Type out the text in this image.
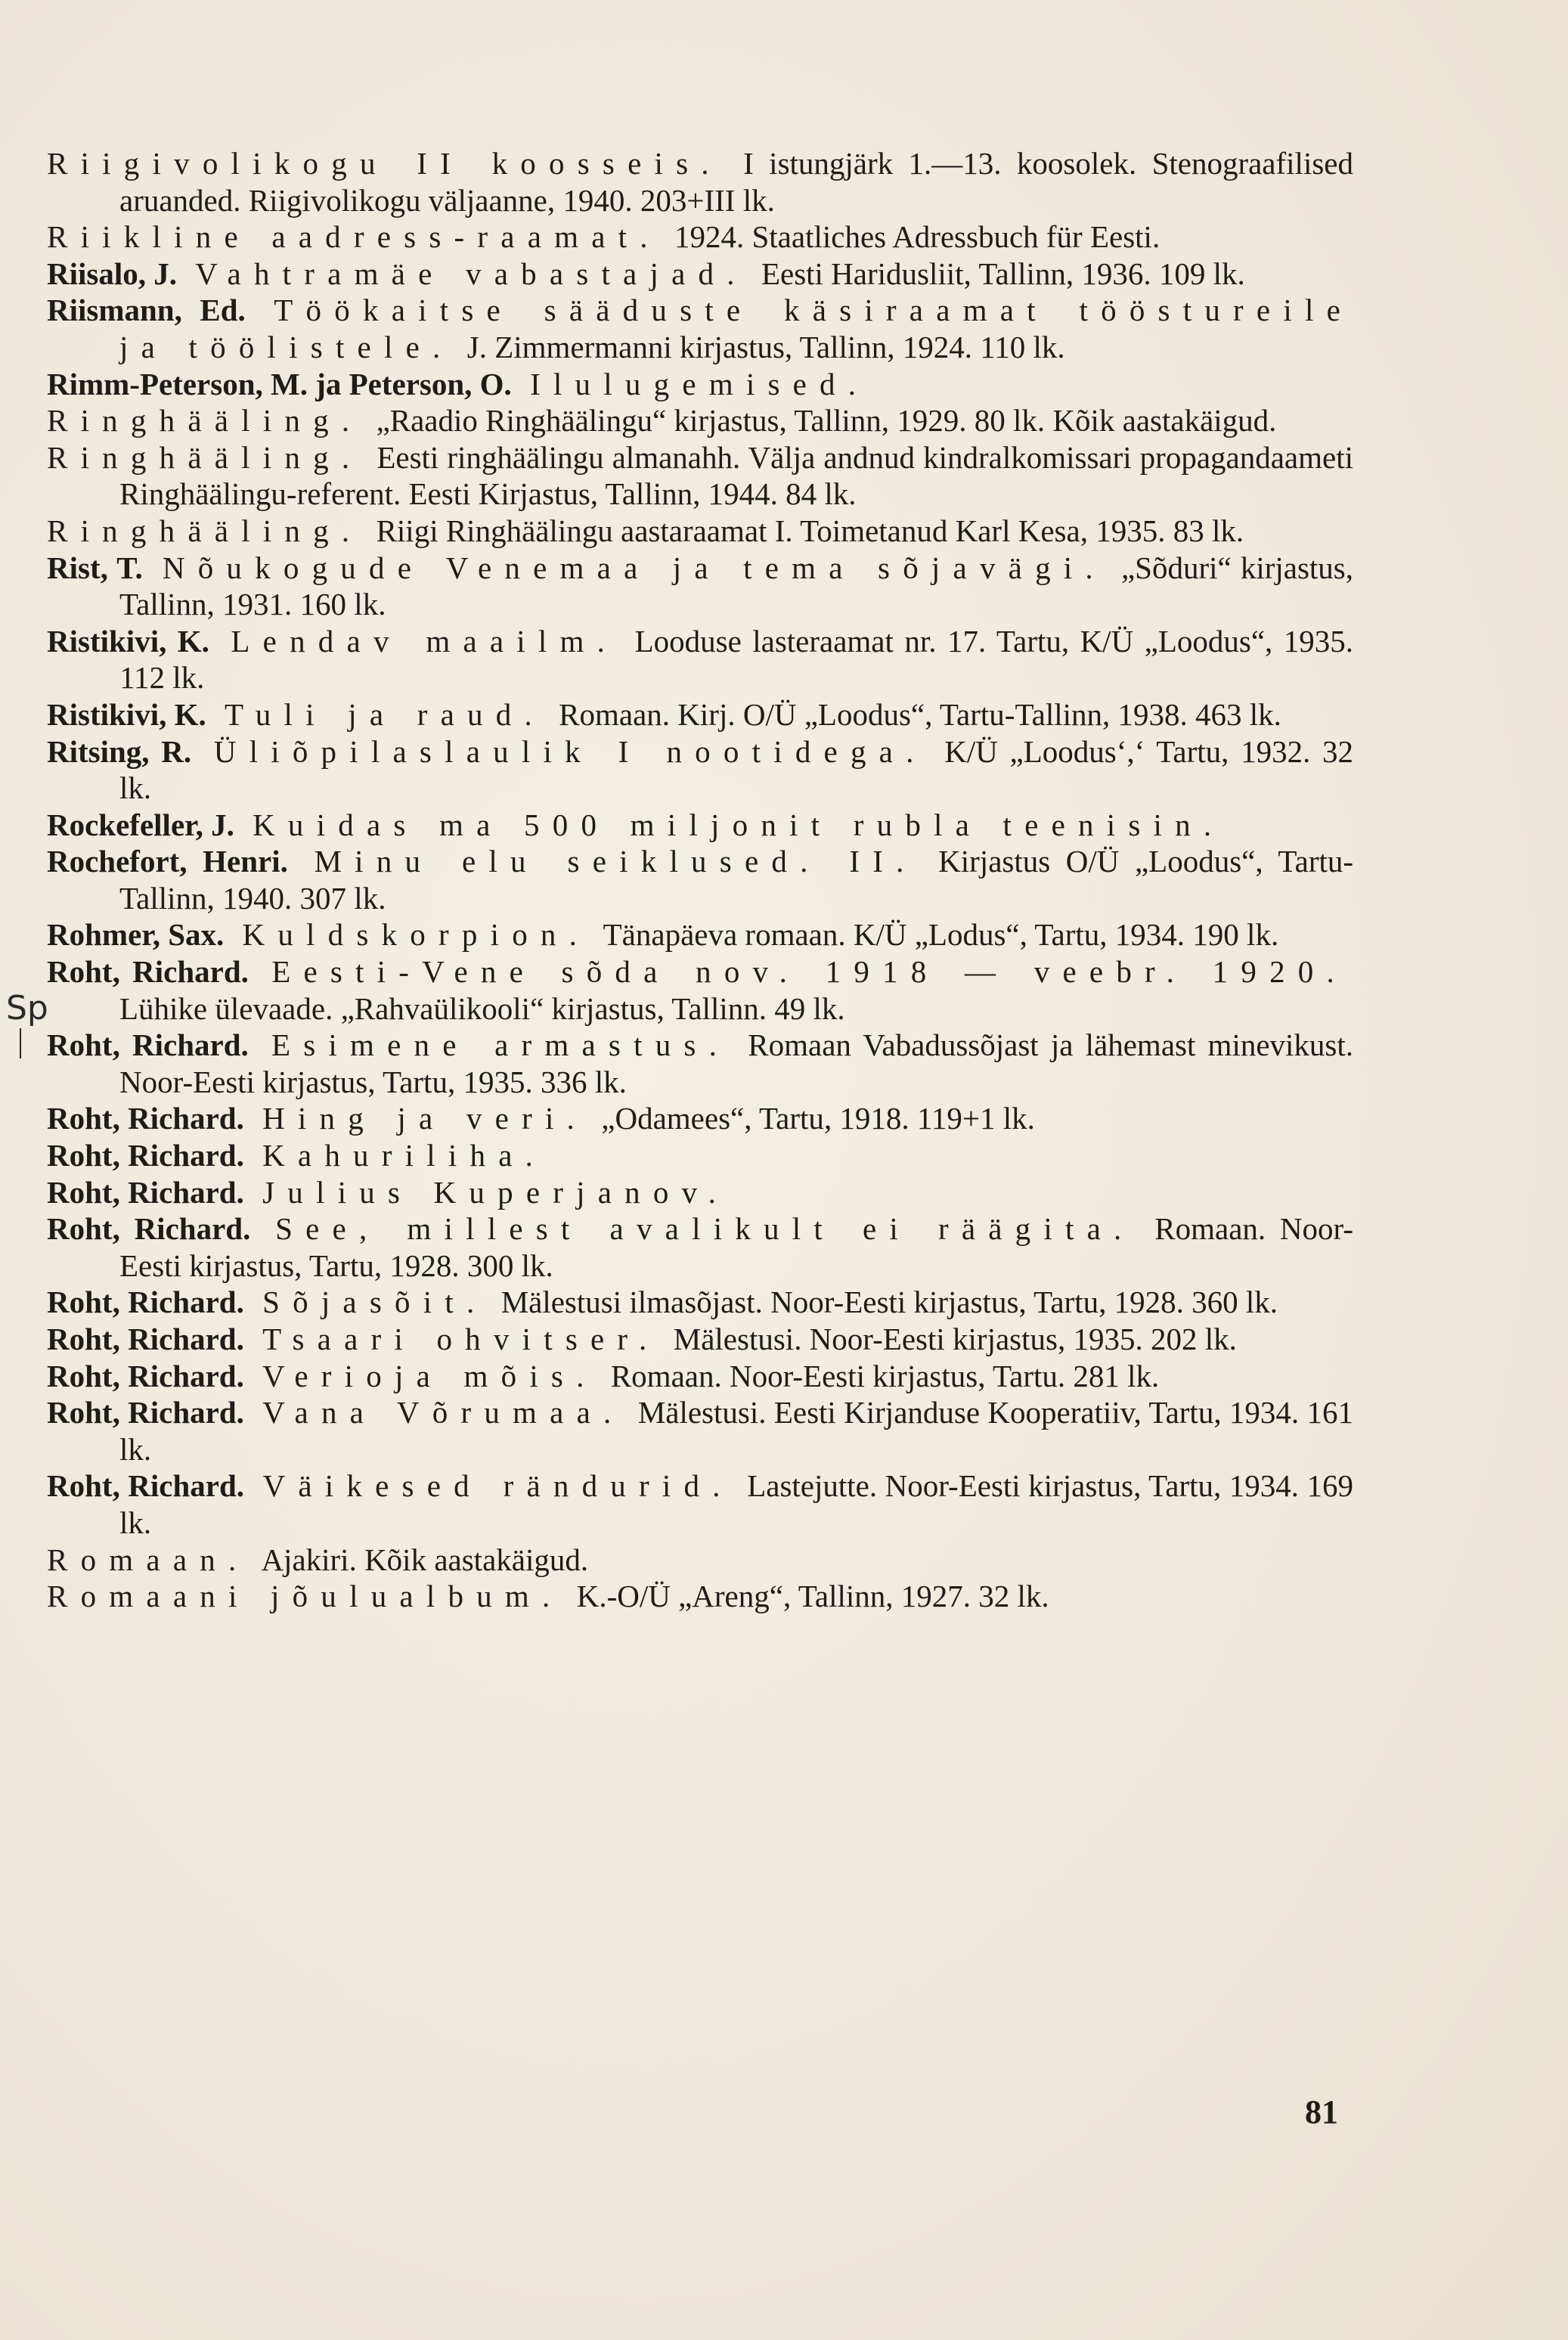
Riigivolikogu II koosseis. I istungjärk 1.—13. koosolek. Stenograafilised aruanded. Riigivolikogu väljaanne, 1940. 203+III lk.

Riikline aadress-raamat. 1924. Staatliches Adressbuch für Eesti.

Riisalo, J. Vahtramäe vabastajad. Eesti Haridusliit, Tallinn, 1936. 109 lk.

Riismann, Ed. Töökaitse sääduste käsiraamat tööstureile ja töölistele. J. Zimmermanni kirjastus, Tallinn, 1924. 110 lk.

Rimm-Peterson, M. ja Peterson, O. Ilulugemised.

Ringhääling. „Raadio Ringhäälingu“ kirjastus, Tallinn, 1929. 80 lk. Kõik aastakäigud.

Ringhääling. Eesti ringhäälingu almanahh. Välja andnud kindralkomissari propagandaameti Ringhäälingu-referent. Eesti Kirjastus, Tallinn, 1944. 84 lk.

Ringhääling. Riigi Ringhäälingu aastaraamat I. Toimetanud Karl Kesa, 1935. 83 lk.

Rist, T. Nõukogude Venemaa ja tema sõjavägi. „Sõduri“ kirjastus, Tallinn, 1931. 160 lk.

Ristikivi, K. Lendav maailm. Looduse lasteraamat nr. 17. Tartu, K/Ü „Loodus“, 1935. 112 lk.

Ristikivi, K. Tuli ja raud. Romaan. Kirj. O/Ü „Loodus“, Tartu-Tallinn, 1938. 463 lk.

Ritsing, R. Üliõpilaslaulik I nootidega. K/Ü „Loodus‘,‘ Tartu, 1932. 32 lk.

Rockefeller, J. Kuidas ma 500 miljonit rubla teenisin.

Rochefort, Henri. Minu elu seiklused. II. Kirjastus O/Ü „Loodus“, Tartu-Tallinn, 1940. 307 lk.

Rohmer, Sax. Kuldskorpion. Tänapäeva romaan. K/Ü „Lodus“, Tartu, 1934. 190 lk.

Roht, Richard. Eesti-Vene sõda nov. 1918 — veebr. 1920. Lühike ülevaade. „Rahvaülikooli“ kirjastus, Tallinn. 49 lk.

Roht, Richard. Esimene armastus. Romaan Vabadussõjast ja lähemast minevikust. Noor-Eesti kirjastus, Tartu, 1935. 336 lk.

Roht, Richard. Hing ja veri. „Odamees“, Tartu, 1918. 119+1 lk.

Roht, Richard. Kahuriliha.

Roht, Richard. Julius Kuperjanov.

Roht, Richard. See, millest avalikult ei räägita. Romaan. Noor-Eesti kirjastus, Tartu, 1928. 300 lk.

Roht, Richard. Sõjasõit. Mälestusi ilmasõjast. Noor-Eesti kirjastus, Tartu, 1928. 360 lk.

Roht, Richard. Tsaari ohvitser. Mälestusi. Noor-Eesti kirjastus, 1935. 202 lk.

Roht, Richard. Verioja mõis. Romaan. Noor-Eesti kirjastus, Tartu. 281 lk.

Roht, Richard. Vana Võrumaa. Mälestusi. Eesti Kirjanduse Kooperatiiv, Tartu, 1934. 161 lk.

Roht, Richard. Väikesed rändurid. Lastejutte. Noor-Eesti kirjastus, Tartu, 1934. 169 lk.

Romaan. Ajakiri. Kõik aastakäigud.

Romaani jõulualbum. K.-O/Ü „Areng“, Tallinn, 1927. 32 lk.

Sp
81
